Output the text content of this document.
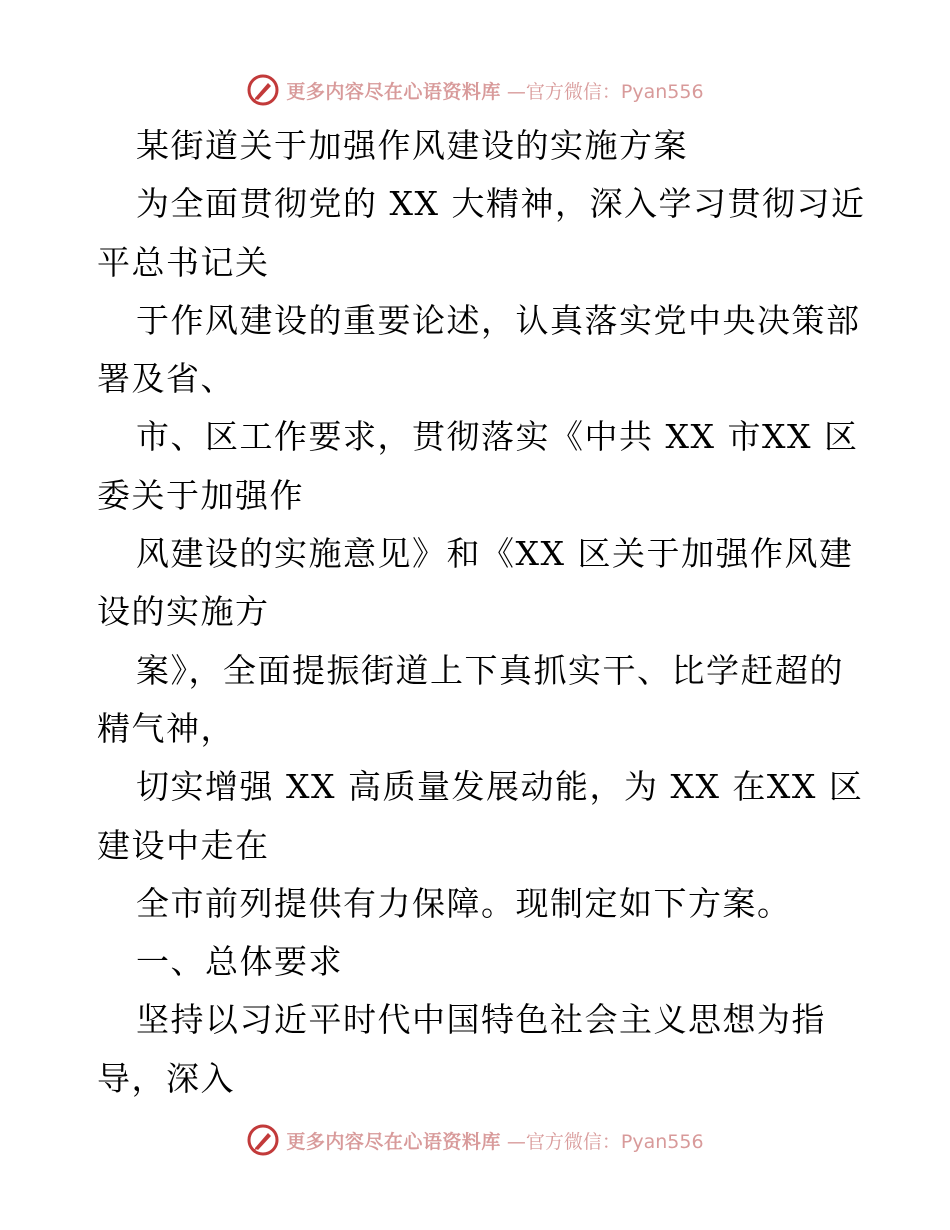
更多内容尽在心语资料库 —官方微信：Pyan556
某街道关于加强作风建设的实施方案
为全面贯彻党的 XX 大精神，深入学习贯彻习近
平总书记关
于作风建设的重要论述，认真落实党中央决策部
署及省、
市、区工作要求，贯彻落实《中共 XX 市XX 区
委关于加强作
风建设的实施意见》和《XX 区关于加强作风建
设的实施方
案》，全面提振街道上下真抓实干、比学赶超的
精气神，
切实增强 XX 高质量发展动能，为 XX 在XX 区
建设中走在
全市前列提供有力保障。现制定如下方案。
一、总体要求
坚持以习近平时代中国特色社会主义思想为指
导，深入
更多内容尽在心语资料库 —官方微信：Pyan556
